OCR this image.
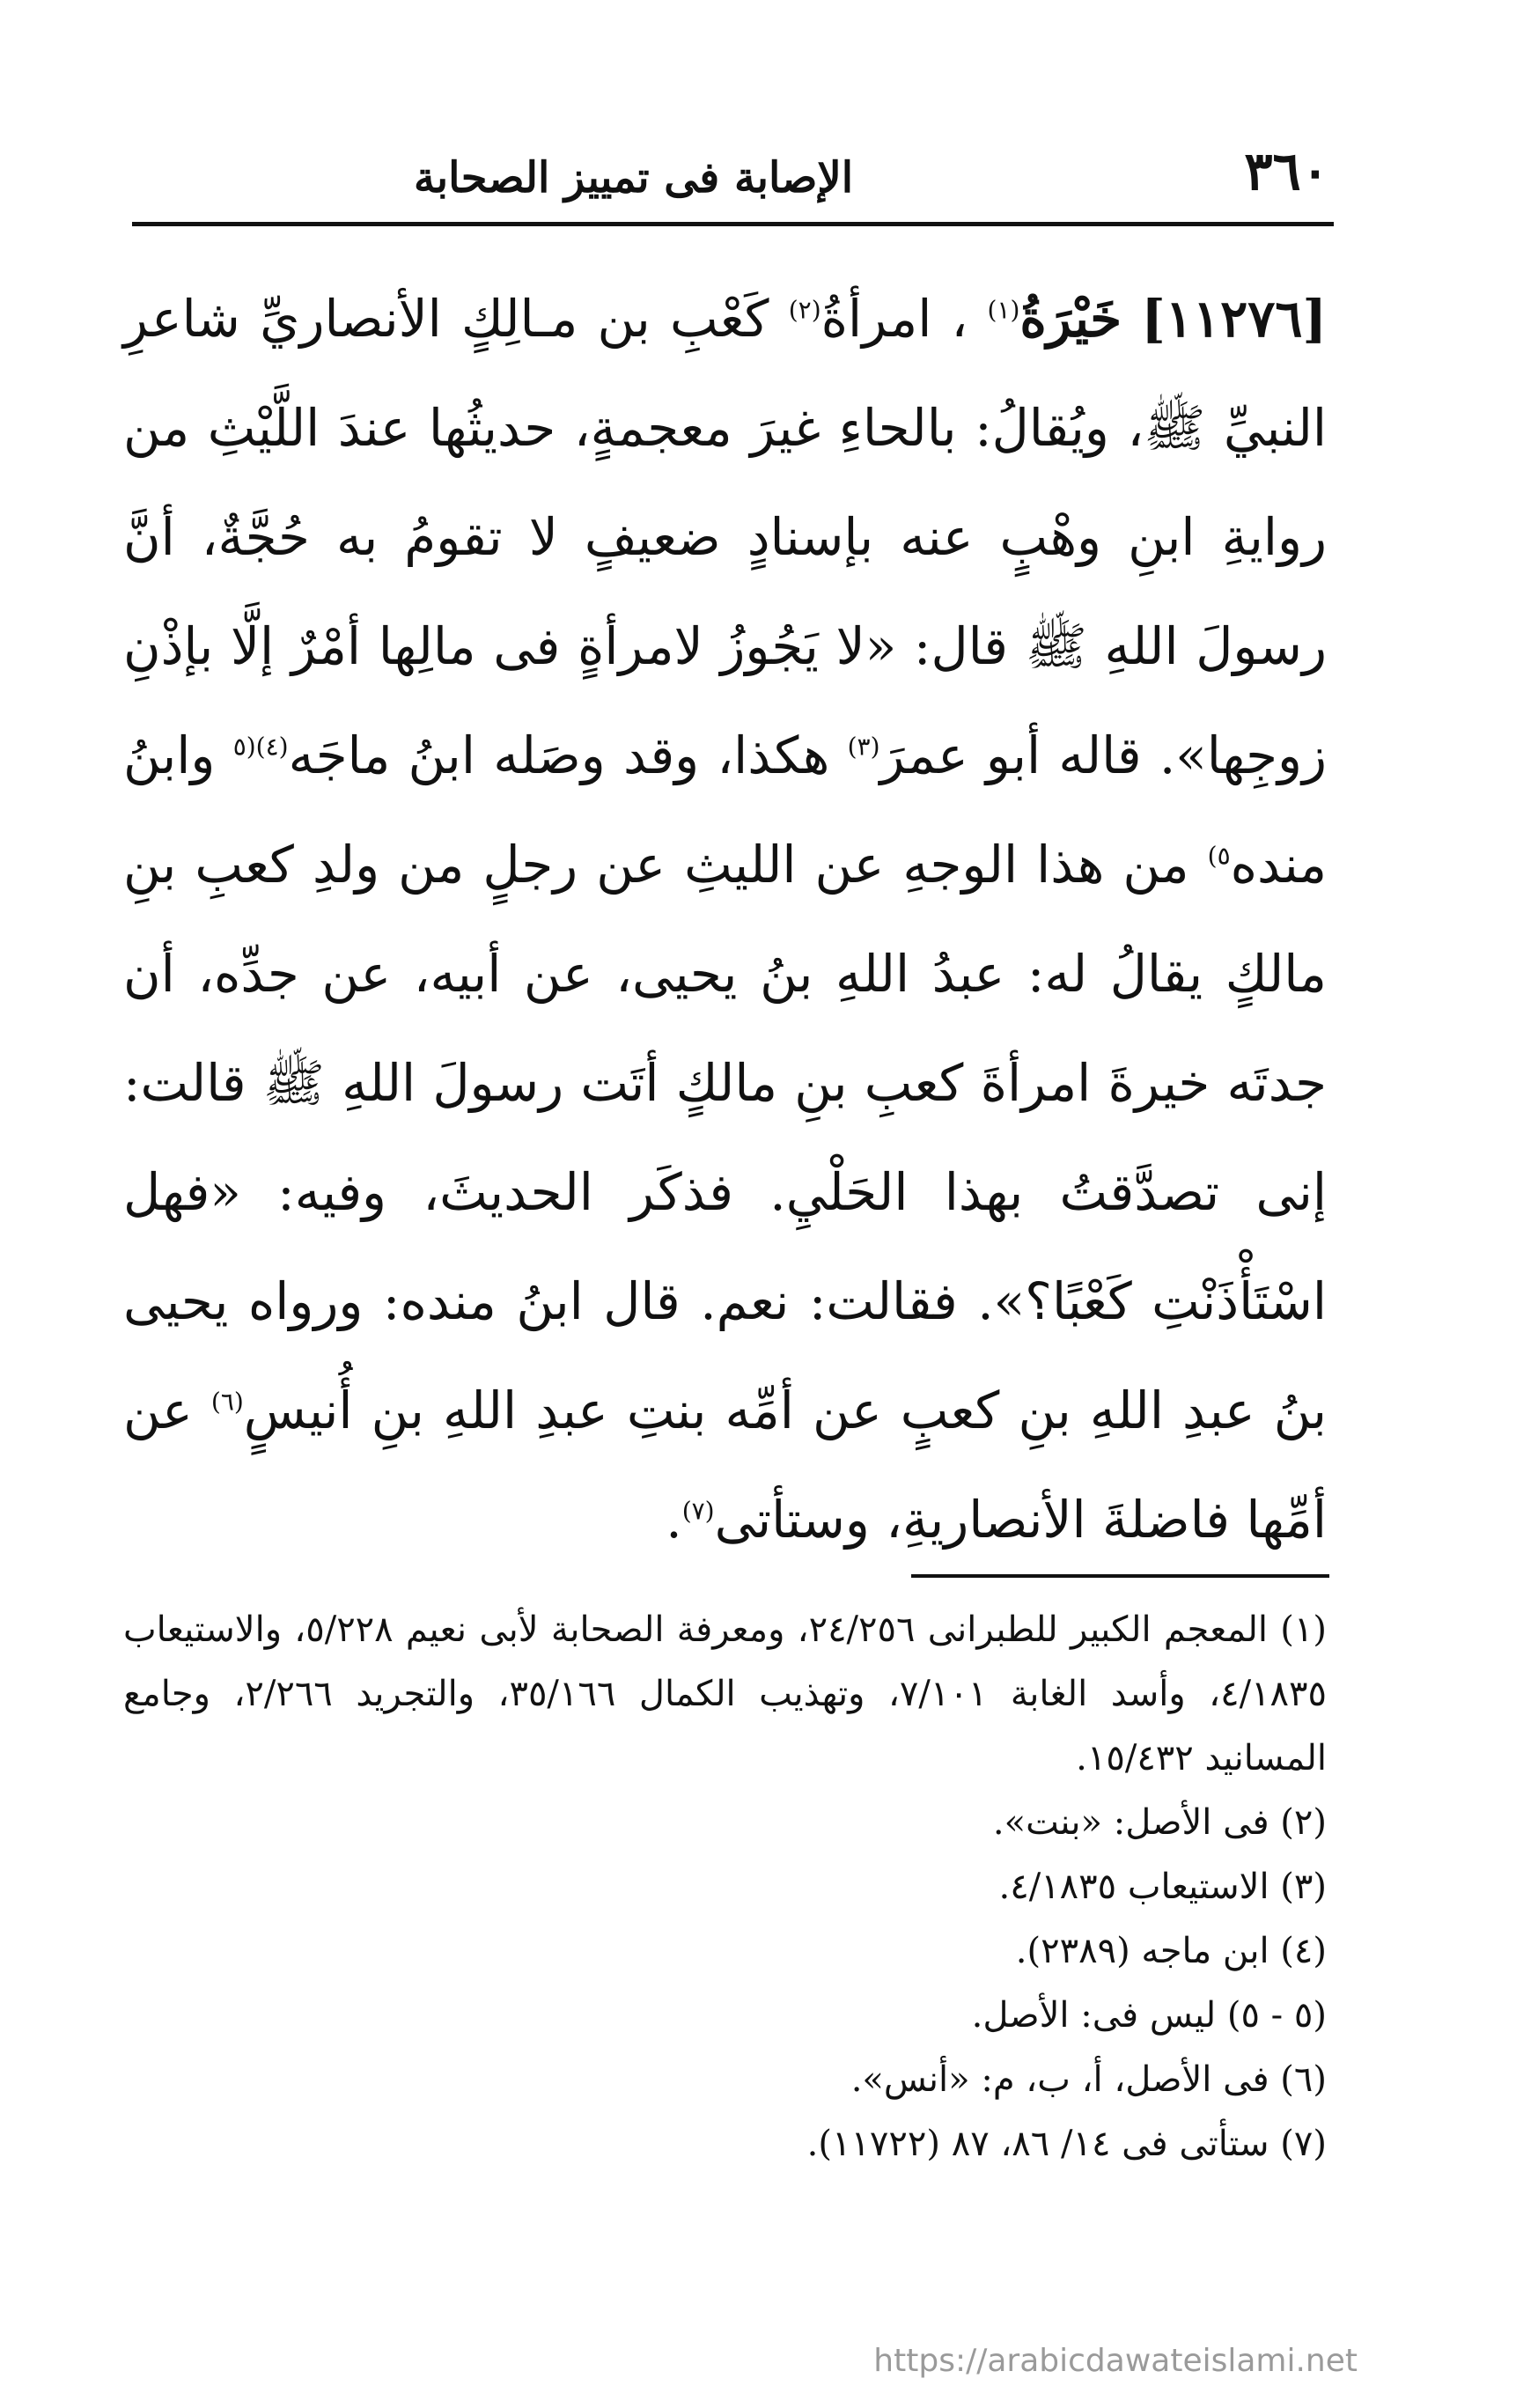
٣٦٠
الإصابة فى تمييز الصحابة
[١١٢٧٦] خَيْرَةُ$^{(١)}$ ، امرأةُ$^{(٢)}$ كَعْبِ بن مـالِكٍ الأنصاريِّ شاعرِ النبيِّ ﷺ، ويُقالُ: بالحاءِ غيرَ معجمةٍ، حديثُها عندَ اللَّيْثِ من روايةِ ابنِ وهْبٍ عنه بإسنادٍ ضعيفٍ لا تقومُ به حُجَّةٌ، أنَّ رسولَ اللهِ ﷺ قال: «لا يَجُوزُ لامرأةٍ فى مالِها أمْرٌ إلَّا بإذْنِ زوجِها». قاله أبو عمرَ$^{(٣)}$ هكذا، وقد وصَله ابنُ ماجَه$^{(٤)(٥}$ وابنُ منده$^{٥)}$ من هذا الوجهِ عن الليثِ عن رجلٍ من ولدِ كعبِ بنِ مالكٍ يقالُ له: عبدُ اللهِ بنُ يحيى، عن أبيه، عن جدِّه، أن جدتَه خيرةَ امرأةَ كعبِ بنِ مالكٍ أتَت رسولَ اللهِ ﷺ قالت: إنى تصدَّقتُ بهذا الحَلْيِ. فذكَر الحديثَ، وفيه: «فهل اسْتَأْذَنْتِ كَعْبًا؟». فقالت: نعم. قال ابنُ منده: ورواه يحيى بنُ عبدِ اللهِ بنِ كعبٍ عن أمِّه بنتِ عبدِ اللهِ بنِ أُنيسٍ$^{(٦)}$ عن أمِّها فاضلةَ الأنصاريةِ، وستأتى$^{(٧)}$.
(١) المعجم الكبير للطبرانى ٢٤/٢٥٦، ومعرفة الصحابة لأبى نعيم ٥/٢٢٨، والاستيعاب ٤/١٨٣٥، وأسد الغابة ٧/١٠١، وتهذيب الكمال ٣٥/١٦٦، والتجريد ٢/٢٦٦، وجامع المسانيد ١٥/٤٣٢.
(٢) فى الأصل: «بنت».
(٣) الاستيعاب ٤/١٨٣٥.
(٤) ابن ماجه (٢٣٨٩).
(٥ - ٥) ليس فى: الأصل.
(٦) فى الأصل، أ، ب، م: «أنس».
(٧) ستأتى فى ١٤/ ٨٦، ٨٧ (١١٧٢٢).
https://arabicdawateislami.net
